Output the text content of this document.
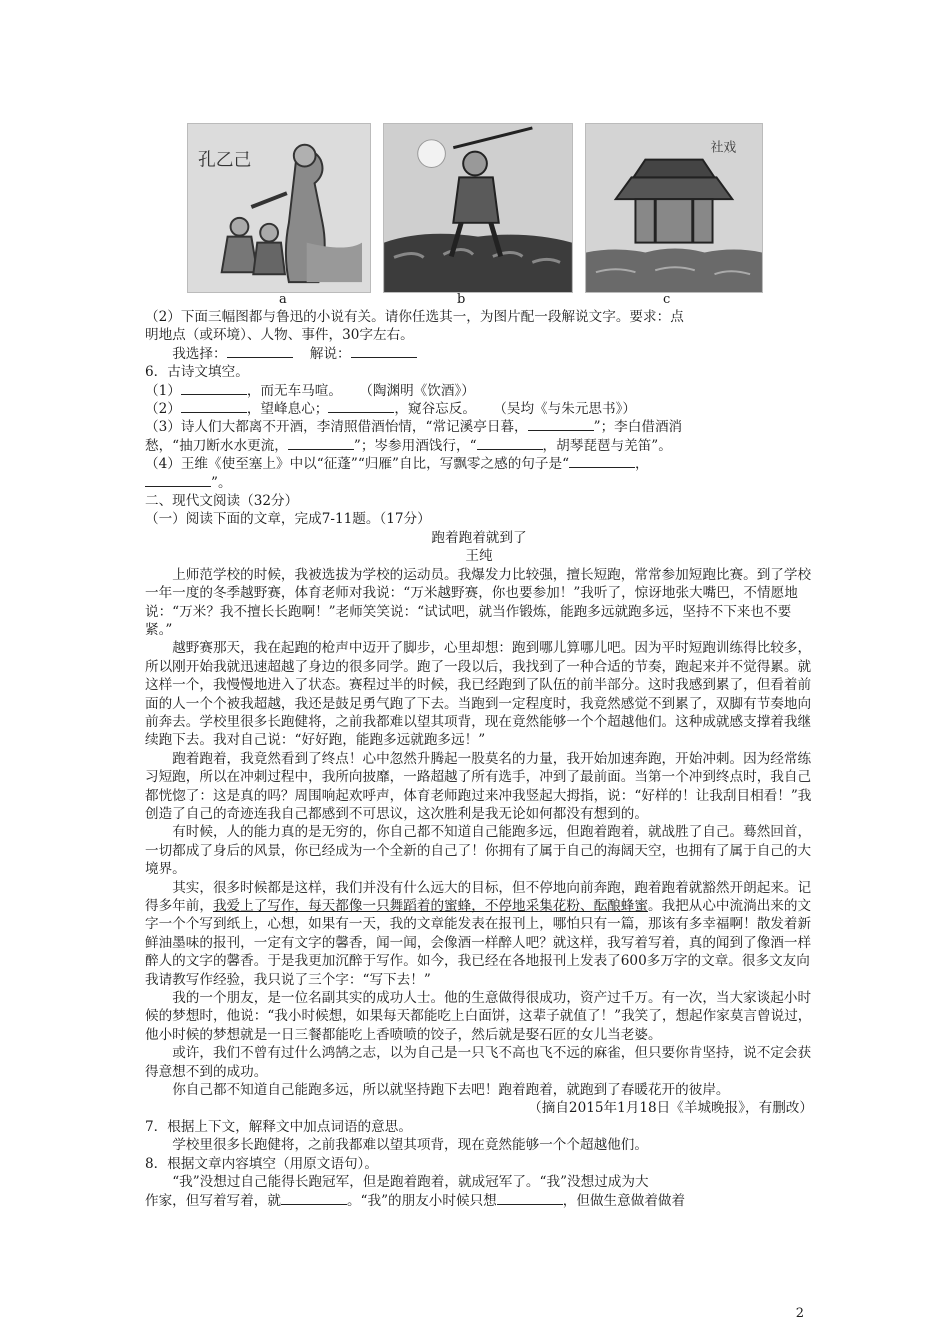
孔乙己
社戏
a	b	c

（2）下面三幅图都与鲁迅的小说有关。请你任选其一，为图片配一段解说文字。要求：点

明地点（或环境）、人物、事件，30字左右。

我选择：	解说：

6．古诗文填空。

（1）	，而无车马喧。 （陶渊明《饮酒》）

（2）	，望峰息心；	，窥谷忘反。 （吴均《与朱元思书》）

（3）诗人们大都离不开酒，李清照借酒怡情，“常记溪亭日暮，	”；李白借酒消

愁，“抽刀断水水更流，	”；岑参用酒饯行，“	，胡琴琵琶与羌笛”。

（4）王维《使至塞上》中以“征蓬”“归雁”自比，写飘零之感的句子是“	，

”。

二、现代文阅读（32分）

（一）阅读下面的文章，完成7-11题。（17分）

跑着跑着就到了

王纯

上师范学校的时候，我被选拔为学校的运动员。我爆发力比较强，擅长短跑，常常参加短跑比赛。到了学校一年一度的冬季越野赛，体育老师对我说：“万米越野赛，你也要参加！”我听了，惊讶地张大嘴巴，不情愿地说：“万米？我不擅长长跑啊！”老师笑笑说：“试试吧，就当作锻炼，能跑多远就跑多远，坚持不下来也不要紧。”

越野赛那天，我在起跑的枪声中迈开了脚步，心里却想：跑到哪儿算哪儿吧。因为平时短跑训练得比较多，所以刚开始我就迅速超越了身边的很多同学。跑了一段以后，我找到了一种合适的节奏，跑起来并不觉得累。就这样一个，我慢慢地进入了状态。赛程过半的时候，我已经跑到了队伍的前半部分。这时我感到累了，但看着前面的人一个个被我超越，我还是鼓足勇气跑了下去。当跑到一定程度时，我竟然感觉不到累了，双脚有节奏地向前奔去。学校里很多长跑健将，之前我都难以望其项背，现在竟然能够一个个超越他们。这种成就感支撑着我继续跑下去。我对自己说：“好好跑，能跑多远就跑多远！”

跑着跑着，我竟然看到了终点！心中忽然升腾起一股莫名的力量，我开始加速奔跑，开始冲刺。因为经常练习短跑，所以在冲刺过程中，我所向披靡，一路超越了所有选手，冲到了最前面。当第一个冲到终点时，我自己都恍惚了：这是真的吗？周围响起欢呼声，体育老师跑过来冲我竖起大拇指，说：“好样的！让我刮目相看！”我创造了自己的奇迹连我自己都感到不可思议，这次胜利是我无论如何都没有想到的。

有时候，人的能力真的是无穷的，你自己都不知道自己能跑多远，但跑着跑着，就战胜了自己。蓦然回首，一切都成了身后的风景，你已经成为一个全新的自己了！你拥有了属于自己的海阔天空，也拥有了属于自己的大境界。

其实，很多时候都是这样，我们并没有什么远大的目标，但不停地向前奔跑，跑着跑着就豁然开朗起来。记得多年前，我爱上了写作，每天都像一只舞蹈着的蜜蜂，不停地采集花粉、酝酿蜂蜜。我把从心中流淌出来的文字一个个写到纸上，心想，如果有一天，我的文章能发表在报刊上，哪怕只有一篇，那该有多幸福啊！散发着新鲜油墨味的报刊，一定有文字的馨香，闻一闻，会像酒一样醉人吧？就这样，我写着写着，真的闻到了像酒一样醉人的文字的馨香。于是我更加沉醉于写作。如今，我已经在各地报刊上发表了600多万字的文章。很多文友向我请教写作经验，我只说了三个字：“写下去！”

我的一个朋友，是一位名副其实的成功人士。他的生意做得很成功，资产过千万。有一次，当大家谈起小时候的梦想时，他说：“我小时候想，如果每天都能吃上白面饼，这辈子就值了！”我笑了，想起作家莫言曾说过，他小时候的梦想就是一日三餐都能吃上香喷喷的饺子，然后就是娶石匠的女儿当老婆。

或许，我们不曾有过什么鸿鹄之志，以为自己是一只飞不高也飞不远的麻雀，但只要你肯坚持，说不定会获得意想不到的成功。

你自己都不知道自己能跑多远，所以就坚持跑下去吧！跑着跑着，就跑到了春暖花开的彼岸。

（摘自2015年1月18日《羊城晚报》，有删改）

7．根据上下文，解释文中加点词语的意思。

学校里很多长跑健将，之前我都难以望其项背，现在竟然能够一个个超越他们。

8．根据文章内容填空（用原文语句）。

“我”没想过自己能得长跑冠军，但是跑着跑着，就成冠军了。“我”没想过成为大

作家，但写着写着，就	。“我”的朋友小时候只想	，但做生意做着做着

2
